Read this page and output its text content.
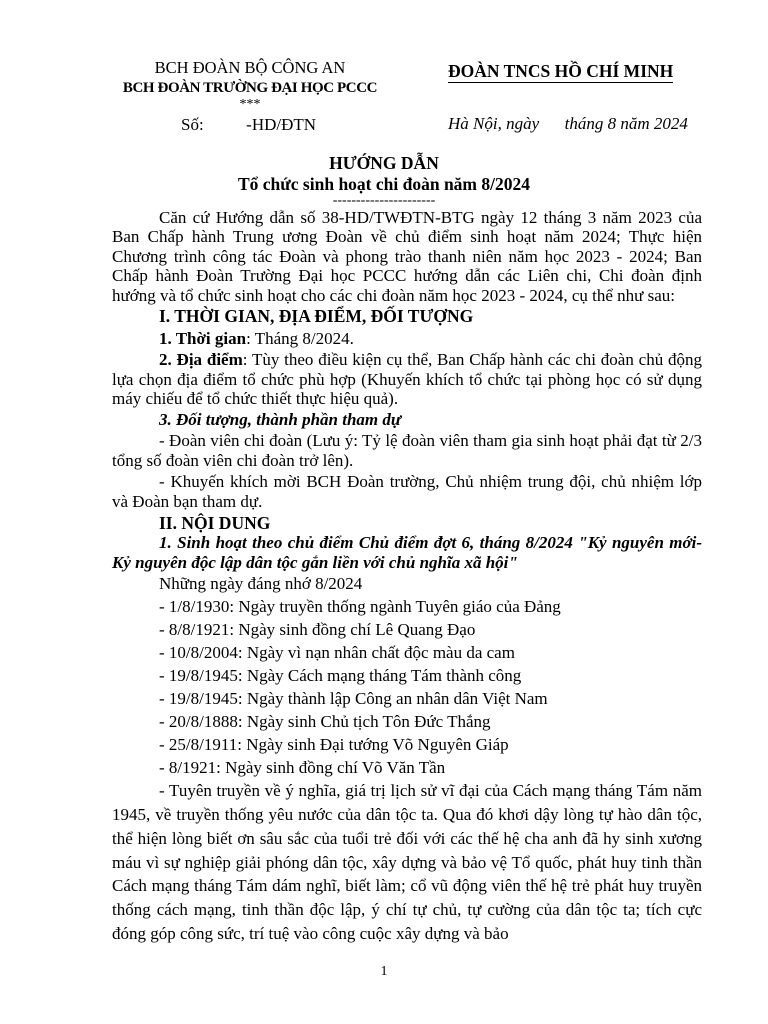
BCH ĐOÀN BỘ CÔNG AN
BCH ĐOÀN TRƯỜNG ĐẠI HỌC PCCC
***
ĐOÀN TNCS HỒ CHÍ MINH
Số:          -HD/ĐTN	Hà Nội, ngày      tháng 8 năm 2024
HƯỚNG DẪN
Tổ chức sinh hoạt chi đoàn năm 8/2024
----------------------

Căn cứ Hướng dẫn số 38-HD/TWĐTN-BTG ngày 12 tháng 3 năm 2023 của Ban Chấp hành Trung ương Đoàn về chủ điểm sinh hoạt năm 2024; Thực hiện Chương trình công tác Đoàn và phong trào thanh niên năm học 2023 - 2024; Ban Chấp hành Đoàn Trường Đại học PCCC hướng dẫn các Liên chi, Chi đoàn định hướng và tổ chức sinh hoạt cho các chi đoàn năm học 2023 - 2024, cụ thể như sau:

I. THỜI GIAN, ĐỊA ĐIỂM, ĐỐI TƯỢNG

1. Thời gian: Tháng 8/2024.

2. Địa điểm: Tùy theo điều kiện cụ thể, Ban Chấp hành các chi đoàn chủ động lựa chọn địa điểm tổ chức phù hợp (Khuyến khích tổ chức tại phòng học có sử dụng máy chiếu để tổ chức thiết thực hiệu quả).

3. Đối tượng, thành phần tham dự

- Đoàn viên chi đoàn (Lưu ý: Tỷ lệ đoàn viên tham gia sinh hoạt phải đạt từ 2/3 tổng số đoàn viên chi đoàn trở lên).

- Khuyến khích mời BCH Đoàn trường, Chủ nhiệm trung đội, chủ nhiệm lớp và Đoàn bạn tham dự.

II. NỘI DUNG

1. Sinh hoạt theo chủ điểm Chủ điểm đợt 6, tháng 8/2024 "Kỷ nguyên mới- Kỷ nguyên độc lập dân tộc gắn liền với chủ nghĩa xã hội"

Những ngày đáng nhớ 8/2024

- 1/8/1930: Ngày truyền thống ngành Tuyên giáo của Đảng

- 8/8/1921: Ngày sinh đồng chí Lê Quang Đạo

- 10/8/2004: Ngày vì nạn nhân chất độc màu da cam

- 19/8/1945: Ngày Cách mạng tháng Tám thành công

- 19/8/1945: Ngày thành lập Công an nhân dân Việt Nam

- 20/8/1888: Ngày sinh Chủ tịch Tôn Đức Thắng

- 25/8/1911: Ngày sinh Đại tướng Võ Nguyên Giáp

- 8/1921: Ngày sinh đồng chí Võ Văn Tần

- Tuyên truyền về ý nghĩa, giá trị lịch sử vĩ đại của Cách mạng tháng Tám năm 1945, về truyền thống yêu nước của dân tộc ta. Qua đó khơi dậy lòng tự hào dân tộc, thể hiện lòng biết ơn sâu sắc của tuổi trẻ đối với các thế hệ cha anh đã hy sinh xương máu vì sự nghiệp giải phóng dân tộc, xây dựng và bảo vệ Tổ quốc, phát huy tinh thần Cách mạng tháng Tám dám nghĩ, biết làm; cổ vũ động viên thế hệ trẻ phát huy truyền thống cách mạng, tinh thần độc lập, ý chí tự chủ, tự cường của dân tộc ta; tích cực đóng góp công sức, trí tuệ vào công cuộc xây dựng và bảo

1
